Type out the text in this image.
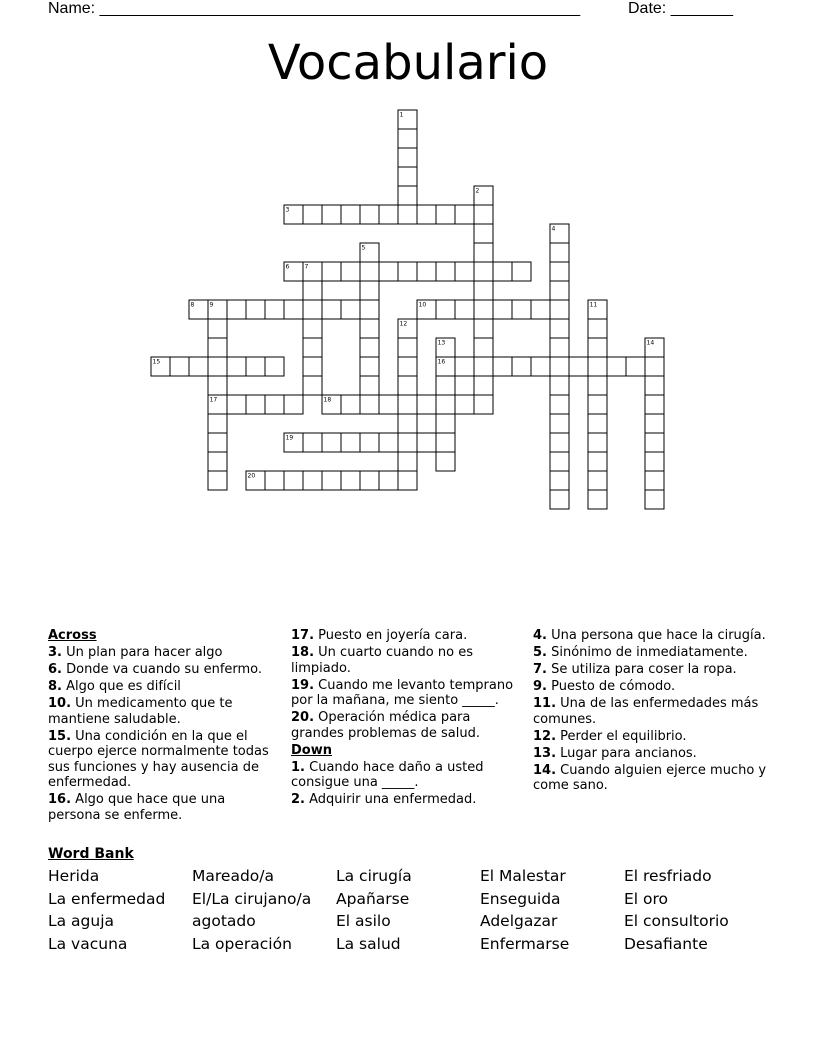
Name: ______________________________________________________	Date: _______
Vocabulario
1
2
3
4
5
6	7
8	9	10	11
12
13	14
15	16
17	18
19
20
Across
3. Un plan para hacer algo
6. Donde va cuando su enfermo.
8. Algo que es difícil
10. Un medicamento que te mantiene saludable.
15. Una condición en la que el cuerpo ejerce normalmente todas sus funciones y hay ausencia de enfermedad.
16. Algo que hace que una persona se enferme.
17. Puesto en joyería cara.
18. Un cuarto cuando no es limpiado.
19. Cuando me levanto temprano por la mañana, me siento _____.
20. Operación médica para grandes problemas de salud.
Down
1. Cuando hace daño a usted consigue una _____.
2. Adquirir una enfermedad.
4. Una persona que hace la cirugía.
5. Sinónimo de inmediatamente.
7. Se utiliza para coser la ropa.
9. Puesto de cómodo.
11. Una de las enfermedades más comunes.
12. Perder el equilibrio.
13. Lugar para ancianos.
14. Cuando alguien ejerce mucho y come sano.
Word Bank
Herida	Mareado/a	La cirugía	El Malestar	El resfriado
La enfermedad	El/La cirujano/a	Apañarse	Enseguida	El oro
La aguja	agotado	El asilo	Adelgazar	El consultorio
La vacuna	La operación	La salud	Enfermarse	Desafiante
